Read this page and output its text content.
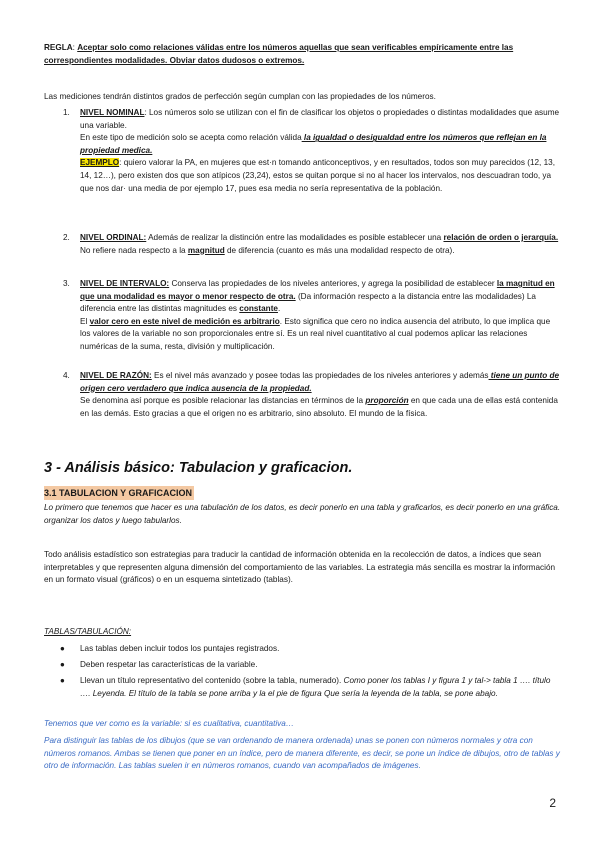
REGLA: Aceptar solo como relaciones válidas entre los números aquellas que sean verificables empíricamente entre las correspondientes modalidades. Obviar datos dudosos o extremos.
Las mediciones tendrán distintos grados de perfección según cumplan con las propiedades de los números.
1. NIVEL NOMINAL: Los números solo se utilizan con el fin de clasificar los objetos o propiedades o distintas modalidades que asume una variable.

En este tipo de medición solo se acepta como relación válida la igualdad o desigualdad entre los números que reflejan en la propiedad medica.

EJEMPLO: quiero valorar la PA, en mujeres que est·n tomando anticonceptivos, y en resultados, todos son muy parecidos (12, 13, 14, 12…), pero existen dos que son atípicos (23,24), estos se quitan porque si no al hacer los intervalos, nos descuadran todo, ya que nos dar· una media de por ejemplo 17, pues esa media no sería representativa de la población.

2. NIVEL ORDINAL: Además de realizar la distinción entre las modalidades es posible establecer una relación de orden o jerarquía. No refiere nada respecto a la magnitud de diferencia (cuanto es más una modalidad respecto de otra).

3. NIVEL DE INTERVALO: Conserva las propiedades de los niveles anteriores, y agrega la posibilidad de establecer la magnitud en que una modalidad es mayor o menor respecto de otra. (Da información respecto a la distancia entre las modalidades) La diferencia entre las distintas magnitudes es constante.

El valor cero en este nivel de medición es arbitrario. Esto significa que cero no indica ausencia del atributo, lo que implica que los valores de la variable no son proporcionales entre sí. Es un real nivel cuantitativo al cual podemos aplicar las relaciones numéricas de la suma, resta, división y multiplicación.

4. NIVEL DE RAZÓN: Es el nivel más avanzado y posee todas las propiedades de los niveles anteriores y además tiene un punto de origen cero verdadero que indica ausencia de la propiedad.

Se denomina así porque es posible relacionar las distancias en términos de la proporción en que cada una de ellas está contenida en las demás. Esto gracias a que el origen no es arbitrario, sino absoluto. El mundo de la física.

3 - Análisis básico: Tabulacion y graficacion.
3.1 TABULACION Y GRAFICACION
Lo primero que tenemos que hacer es una tabulación de los datos, es decir ponerlo en una tabla y graficarlos, es decir ponerlo en una gráfica. organizar los datos y luego tabularlos.
Todo análisis estadístico son estrategias para traducir la cantidad de información obtenida en la recolección de datos, a índices que sean interpretables y que representen alguna dimensión del comportamiento de las variables. La estrategia más sencilla es mostrar la información en un formato visual (gráficos) o en un esquema sintetizado (tablas).
TABLAS/TABULACIÓN:
● Las tablas deben incluir todos los puntajes registrados.
● Deben respetar las características de la variable.
● Llevan un título representativo del contenido (sobre la tabla, numerado). Como poner los tablas I y figura 1 y tal-> tabla 1 …. título …. Leyenda. El título de la tabla se pone arriba y la el pie de figura Que sería la leyenda de la tabla, se pone abajo.
Tenemos que ver como es la variable: si es cualitativa, cuantitativa…
Para distinguir las tablas de los dibujos (que se van ordenando de manera ordenada) unas se ponen con números normales y otra con números romanos. Ambas se tienen que poner en un índice, pero de manera diferente, es decir, se pone un índice de dibujos, otro de tablas y otro de información. Las tablas suelen ir en números romanos, cuando van acompañados de imágenes.
2
